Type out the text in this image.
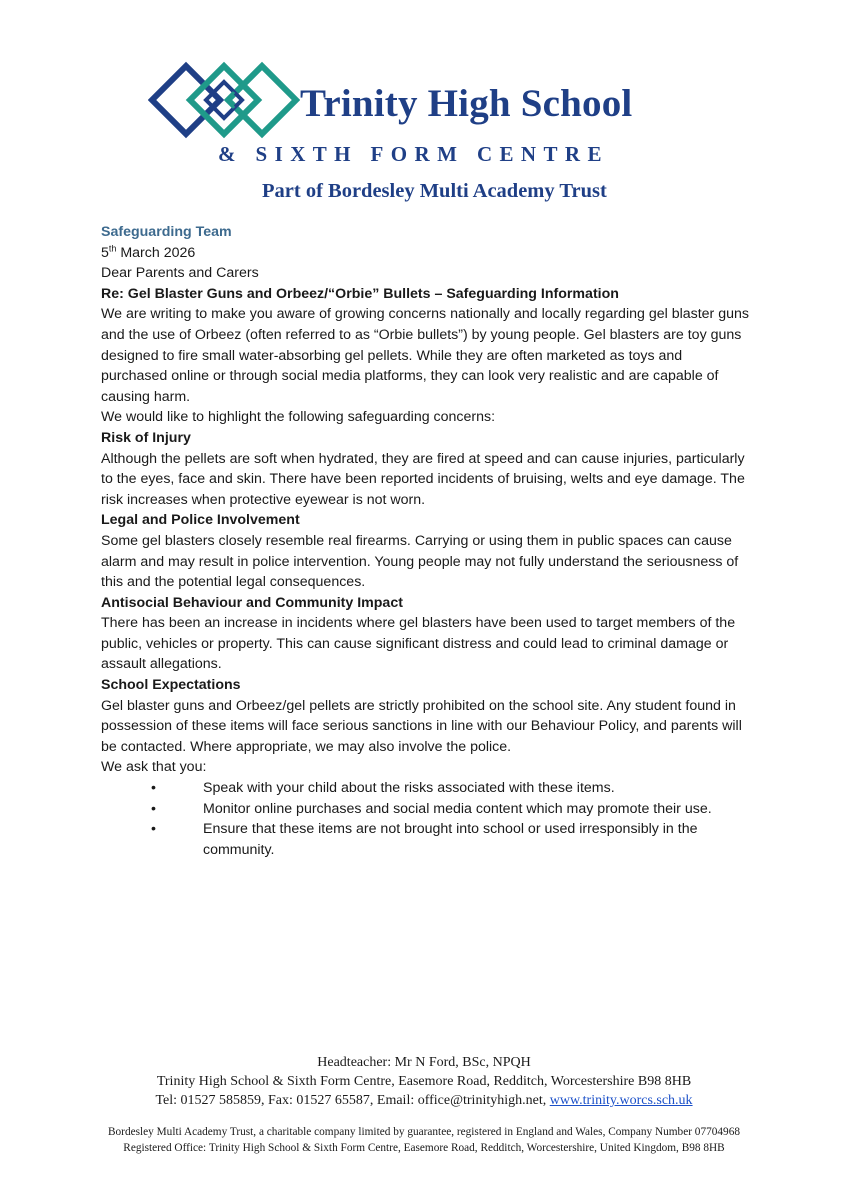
Trinity High School
& SIXTH FORM CENTRE
Part of Bordesley Multi Academy Trust

Safeguarding Team

5th March 2026

Dear Parents and Carers

Re: Gel Blaster Guns and Orbeez/“Orbie” Bullets – Safeguarding Information

We are writing to make you aware of growing concerns nationally and locally regarding gel blaster guns and the use of Orbeez (often referred to as “Orbie bullets”) by young people. Gel blasters are toy guns designed to fire small water-absorbing gel pellets. While they are often marketed as toys and purchased online or through social media platforms, they can look very realistic and are capable of causing harm.

We would like to highlight the following safeguarding concerns:

Risk of Injury

Although the pellets are soft when hydrated, they are fired at speed and can cause injuries, particularly to the eyes, face and skin. There have been reported incidents of bruising, welts and eye damage. The risk increases when protective eyewear is not worn.

Legal and Police Involvement

Some gel blasters closely resemble real firearms. Carrying or using them in public spaces can cause alarm and may result in police intervention. Young people may not fully understand the seriousness of this and the potential legal consequences.

Antisocial Behaviour and Community Impact

There has been an increase in incidents where gel blasters have been used to target members of the public, vehicles or property. This can cause significant distress and could lead to criminal damage or assault allegations.

School Expectations

Gel blaster guns and Orbeez/gel pellets are strictly prohibited on the school site. Any student found in possession of these items will face serious sanctions in line with our Behaviour Policy, and parents will be contacted. Where appropriate, we may also involve the police.

We ask that you:

•	Speak with your child about the risks associated with these items.
•	Monitor online purchases and social media content which may promote their use.
•	Ensure that these items are not brought into school or used irresponsibly in the community.
Headteacher: Mr N Ford, BSc, NPQH
Trinity High School & Sixth Form Centre, Easemore Road, Redditch, Worcestershire B98 8HB
Tel: 01527 585859, Fax: 01527 65587, Email: office@trinityhigh.net, www.trinity.worcs.sch.uk
Bordesley Multi Academy Trust, a charitable company limited by guarantee, registered in England and Wales, Company Number 07704968
Registered Office: Trinity High School & Sixth Form Centre, Easemore Road, Redditch, Worcestershire, United Kingdom, B98 8HB
